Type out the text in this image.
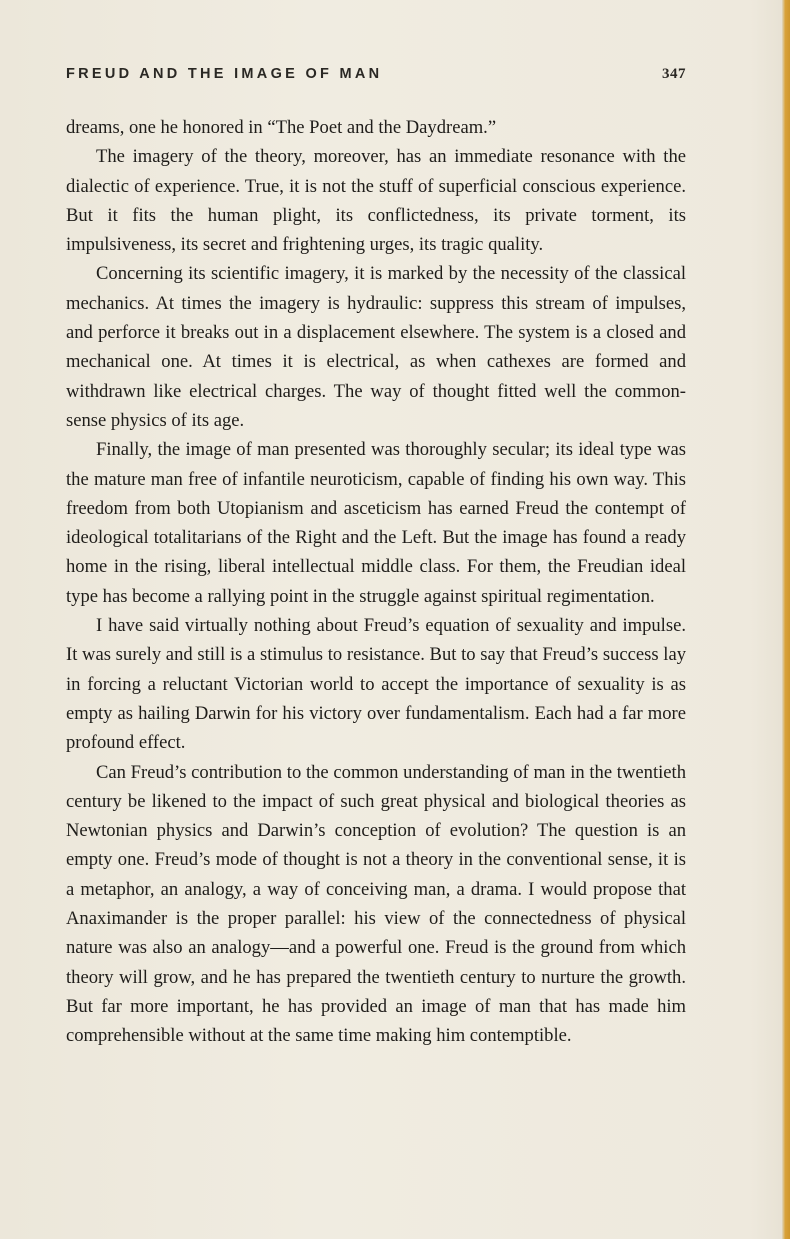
FREUD AND THE IMAGE OF MAN	347

dreams, one he honored in “The Poet and the Daydream.”

The imagery of the theory, moreover, has an immediate resonance with the dialectic of experience. True, it is not the stuff of superficial conscious experience. But it fits the human plight, its conflictedness, its private torment, its impulsiveness, its secret and frightening urges, its tragic quality.

Concerning its scientific imagery, it is marked by the necessity of the classical mechanics. At times the imagery is hydraulic: suppress this stream of impulses, and perforce it breaks out in a displacement elsewhere. The system is a closed and mechanical one. At times it is electrical, as when cathexes are formed and withdrawn like electrical charges. The way of thought fitted well the common-sense physics of its age.

Finally, the image of man presented was thoroughly secular; its ideal type was the mature man free of infantile neuroticism, capable of finding his own way. This freedom from both Utopianism and asceticism has earned Freud the contempt of ideological totalitarians of the Right and the Left. But the image has found a ready home in the rising, liberal intellectual middle class. For them, the Freudian ideal type has become a rallying point in the struggle against spiritual regimentation.

I have said virtually nothing about Freud’s equation of sexuality and impulse. It was surely and still is a stimulus to resistance. But to say that Freud’s success lay in forcing a reluctant Victorian world to accept the importance of sexuality is as empty as hailing Darwin for his victory over fundamentalism. Each had a far more profound effect.

Can Freud’s contribution to the common understanding of man in the twentieth century be likened to the impact of such great physical and biological theories as Newtonian physics and Darwin’s conception of evolution? The question is an empty one. Freud’s mode of thought is not a theory in the conventional sense, it is a metaphor, an analogy, a way of conceiving man, a drama. I would propose that Anaximander is the proper parallel: his view of the connectedness of physical nature was also an analogy—and a powerful one. Freud is the ground from which theory will grow, and he has prepared the twentieth century to nurture the growth. But far more important, he has provided an image of man that has made him comprehensible without at the same time making him contemptible.
